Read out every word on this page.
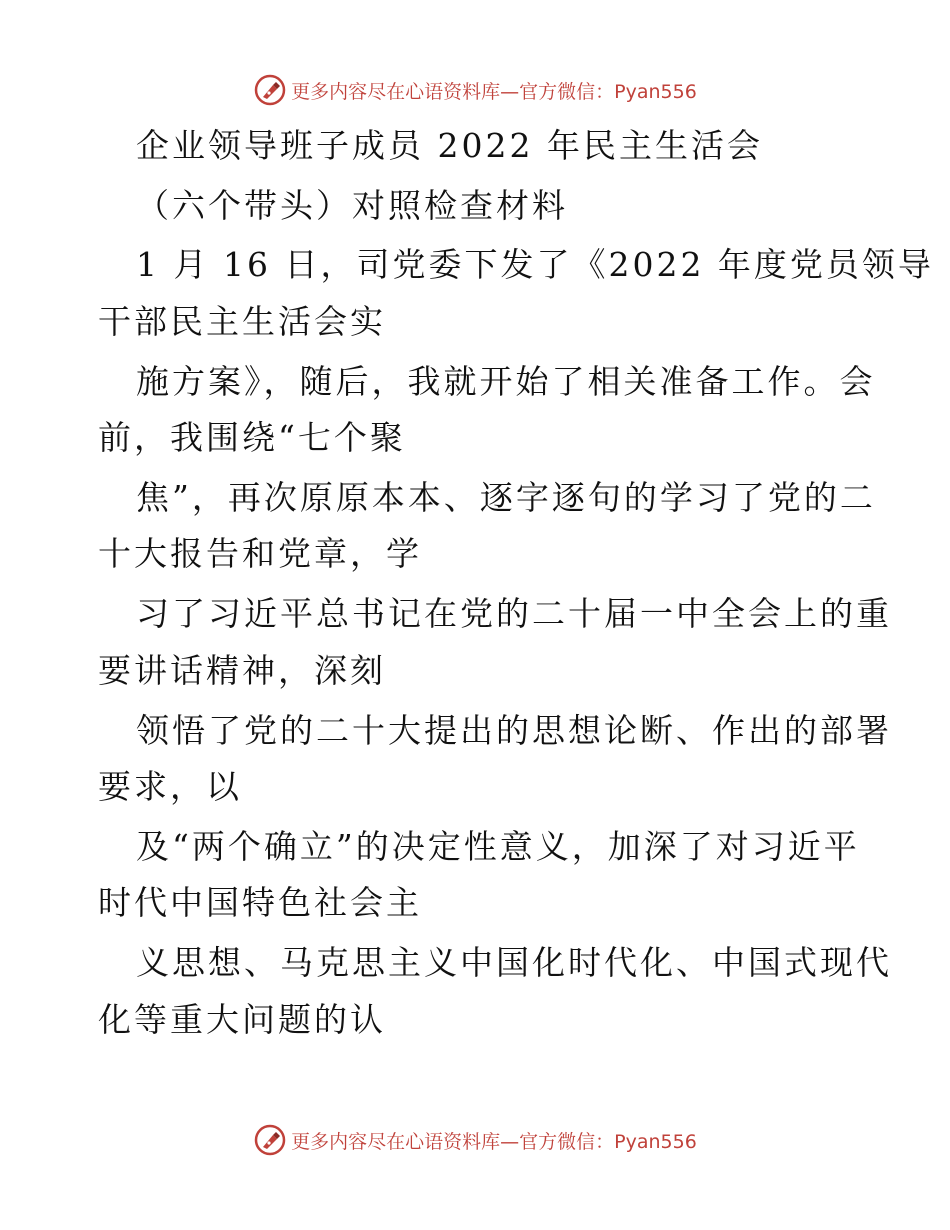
更多内容尽在心语资料库—官方微信：Pyan556
企业领导班子成员 2022 年民主生活会
（六个带头）对照检查材料
1 月 16 日，司党委下发了《2022 年度党员领导
干部民主生活会实
施方案》，随后，我就开始了相关准备工作。会
前，我围绕“七个聚
焦”，再次原原本本、逐字逐句的学习了党的二
十大报告和党章，学
习了习近平总书记在党的二十届一中全会上的重
要讲话精神，深刻
领悟了党的二十大提出的思想论断、作出的部署
要求，以
及“两个确立”的决定性意义，加深了对习近平
时代中国特色社会主
义思想、马克思主义中国化时代化、中国式现代
化等重大问题的认
更多内容尽在心语资料库—官方微信：Pyan556
